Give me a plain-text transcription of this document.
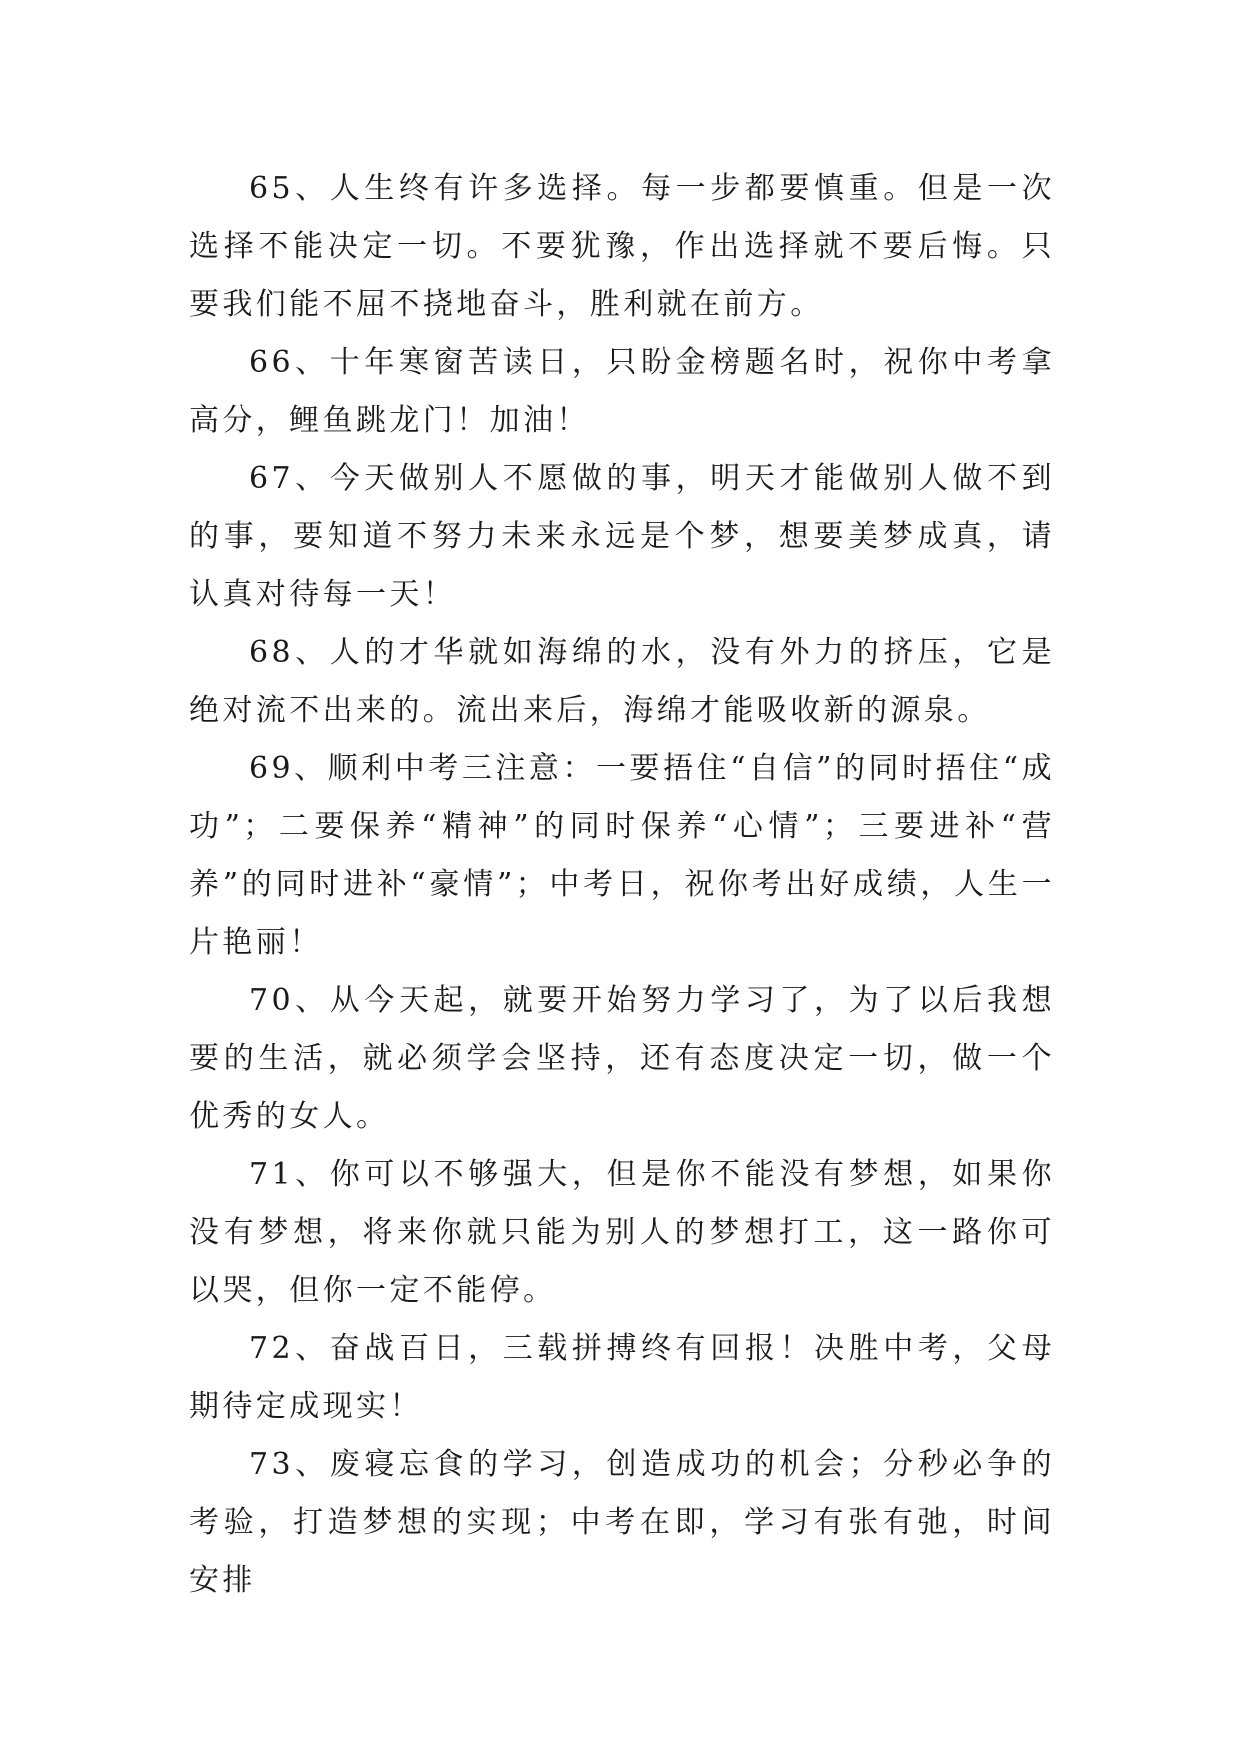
65、人生终有许多选择。每一步都要慎重。但是一次选择不能决定一切。不要犹豫，作出选择就不要后悔。只要我们能不屈不挠地奋斗，胜利就在前方。

66、十年寒窗苦读日，只盼金榜题名时，祝你中考拿高分，鲤鱼跳龙门！加油！

67、今天做别人不愿做的事，明天才能做别人做不到的事，要知道不努力未来永远是个梦，想要美梦成真，请认真对待每一天！

68、人的才华就如海绵的水，没有外力的挤压，它是绝对流不出来的。流出来后，海绵才能吸收新的源泉。

69、顺利中考三注意：一要捂住“自信”的同时捂住“成功”；二要保养“精神”的同时保养“心情”；三要进补“营养”的同时进补“豪情”；中考日，祝你考出好成绩，人生一片艳丽！

70、从今天起，就要开始努力学习了，为了以后我想要的生活，就必须学会坚持，还有态度决定一切，做一个优秀的女人。

71、你可以不够强大，但是你不能没有梦想，如果你没有梦想，将来你就只能为别人的梦想打工，这一路你可以哭，但你一定不能停。

72、奋战百日，三载拼搏终有回报！决胜中考，父母期待定成现实！

73、废寝忘食的学习，创造成功的机会；分秒必争的考验，打造梦想的实现；中考在即，学习有张有弛，时间安排
